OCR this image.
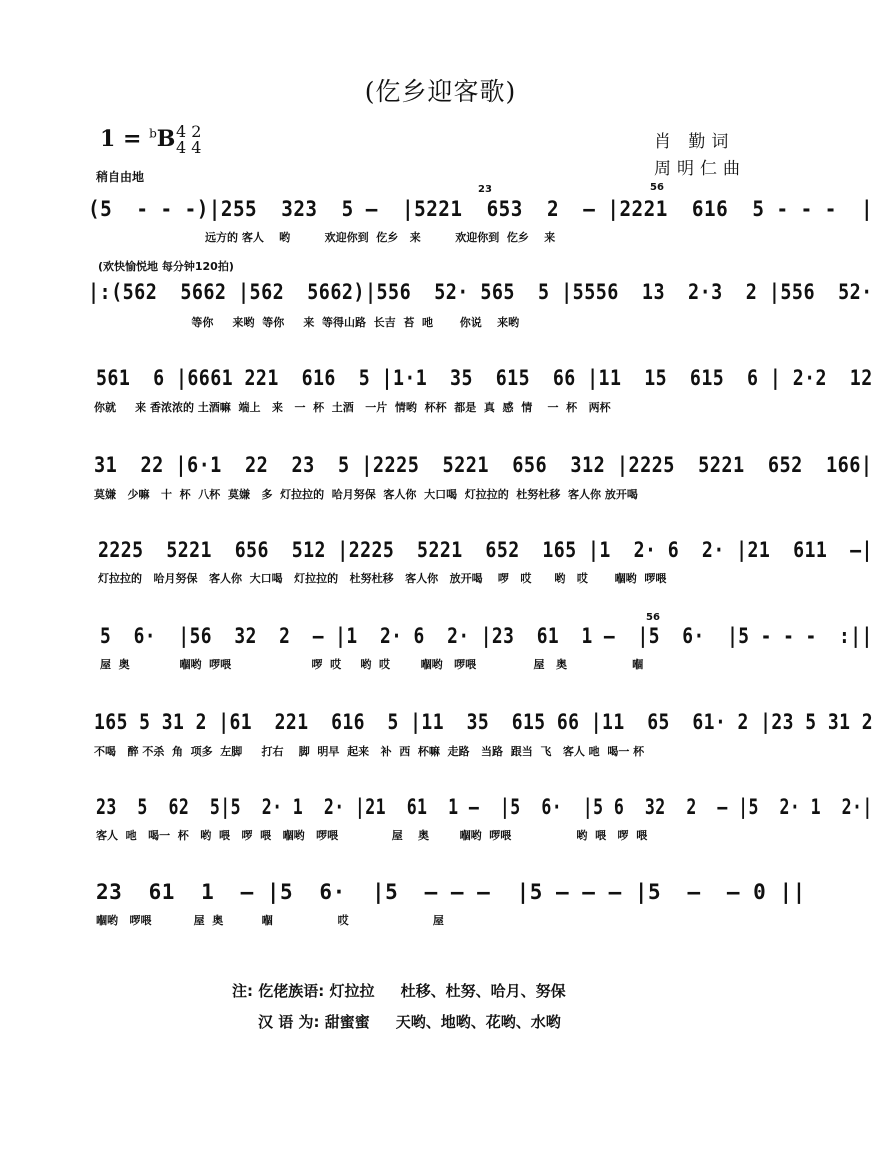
(仡乡迎客歌)
1 = $^b$B 4 2
4 4	肖 勤词
周明仁曲
稍自由地
(5  - - -)|255  323  5 —  |5221  653  2  — |2221  616  5 - - -  |
23	56
远方的 客人    哟         欢迎你到  仡乡   来         欢迎你到  仡乡    来
(欢快愉悦地 每分钟120拍)
|:(562  5662 |562  5662)|556  52· 565  5 |5556  13  2·3  2 |556  52·
等你     来哟  等你     来  等得山路  长吉  苔  吔       你说    来哟
561  6 |6661 221  616  5 |1·1  35  615  66 |11  15  615  6 | 2·2  12
你就     来 香浓浓的 土酒嘛  端上   来   一  杯  土酒   一片  情哟  杯杯  都是  真  感  情    一  杯   两杯
31  22 |6·1  22  23  5 |2225  5221  656  312 |2225  5221  652  166|
莫嫌   少嘛   十  杯  八杯  莫嫌   多  灯拉拉的  哈月努保  客人你  大口喝  灯拉拉的  杜努杜移  客人你 放开喝
2225  5221  656  512 |2225  5221  652  165 |1  2· 6  2· |21  611  —|
灯拉拉的   哈月努保   客人你  大口喝   灯拉拉的   杜努杜移   客人你   放开喝    啰   哎      哟   哎       嗰哟  啰喂
5  6·  |56  32  2  — |1  2· 6  2· |23  61  1 —  |5  6·  |5 - - -  :||
56
屋  奥             嗰哟  啰喂                     啰  哎     哟  哎        嗰哟   啰喂               屋   奥                 嗰
165 5 31 2 |61  221  616  5 |11  35  615 66 |11  65  61· 2 |23 5 31 2
不喝   醉 不杀  角  项多  左脚     打右    脚  明早  起来   补  西  杯嘛  走路   当路  跟当  飞   客人 吔  喝一 杯
23  5  62  5|5  2· 1  2· |21  61  1 —  |5  6·  |5 6  32  2  — |5  2· 1  2·|
客人  吔   喝一  杯   哟  喂   啰  喂   嗰哟   啰喂              屋    奥        嗰哟  啰喂                 哟  喂   啰  喂
23  61  1  — |5  6·  |5  — — —  |5 — — — |5  —  — 0 ||
嗰哟   啰喂           屋  奥          嗰                 哎                      屋
注: 仡佬族语: 灯拉拉     杜移、杜努、哈月、努保
汉 语 为: 甜蜜蜜     天哟、地哟、花哟、水哟
